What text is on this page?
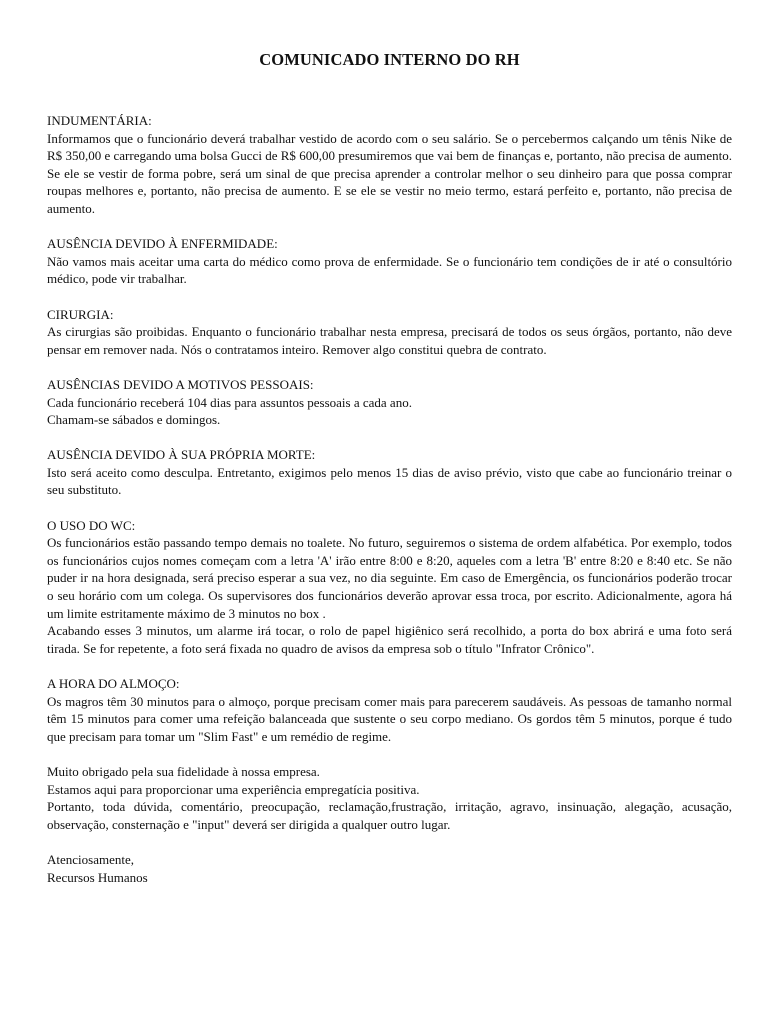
COMUNICADO INTERNO DO RH
INDUMENTÁRIA:
Informamos que o funcionário deverá trabalhar vestido de acordo com o seu salário. Se o percebermos calçando um tênis Nike de R$ 350,00 e carregando uma bolsa Gucci de R$ 600,00 presumiremos que vai bem de finanças e, portanto, não precisa de aumento. Se ele se vestir de forma pobre, será um sinal de que precisa aprender a controlar melhor o seu dinheiro para que possa comprar roupas melhores e, portanto, não precisa de aumento. E se ele se vestir no meio termo, estará perfeito e, portanto, não precisa de aumento.
AUSÊNCIA DEVIDO À ENFERMIDADE:
Não vamos mais aceitar uma carta do médico como prova de enfermidade. Se o funcionário tem condições de ir até o consultório médico, pode vir trabalhar.
CIRURGIA:
As cirurgias são proibidas. Enquanto o funcionário trabalhar nesta empresa, precisará de todos os seus órgãos, portanto, não deve pensar em remover nada. Nós o contratamos inteiro. Remover algo constitui quebra de contrato.
AUSÊNCIAS DEVIDO A MOTIVOS PESSOAIS:
Cada funcionário receberá 104 dias para assuntos pessoais a cada ano.
Chamam-se sábados e domingos.
AUSÊNCIA DEVIDO À SUA PRÓPRIA MORTE:
Isto será aceito como desculpa. Entretanto, exigimos pelo menos 15 dias de aviso prévio, visto que cabe ao funcionário treinar o seu substituto.
O USO DO WC:
Os funcionários estão passando tempo demais no toalete. No futuro, seguiremos o sistema de ordem alfabética. Por exemplo, todos os funcionários cujos nomes começam com a letra 'A' irão entre 8:00 e 8:20, aqueles com a letra 'B' entre 8:20 e 8:40 etc. Se não puder ir na hora designada, será preciso esperar a sua vez, no dia seguinte. Em caso de Emergência, os funcionários poderão trocar o seu horário com um colega. Os supervisores dos funcionários deverão aprovar essa troca, por escrito. Adicionalmente, agora há um limite estritamente máximo de 3 minutos no box .
Acabando esses 3 minutos, um alarme irá tocar, o rolo de papel higiênico será recolhido, a porta do box abrirá e uma foto será tirada. Se for repetente, a foto será fixada no quadro de avisos da empresa sob o título "Infrator Crônico".
A HORA DO ALMOÇO:
Os magros têm 30 minutos para o almoço, porque precisam comer mais para parecerem saudáveis. As pessoas de tamanho normal têm 15 minutos para comer uma refeição balanceada que sustente o seu corpo mediano. Os gordos têm 5 minutos, porque é tudo que precisam para tomar um "Slim Fast" e um remédio de regime.
Muito obrigado pela sua fidelidade à nossa empresa.
Estamos aqui para proporcionar uma experiência empregatícia positiva.
Portanto, toda dúvida, comentário, preocupação, reclamação,frustração, irritação, agravo, insinuação, alegação, acusação, observação, consternação e "input" deverá ser dirigida a qualquer outro lugar.
Atenciosamente,
Recursos Humanos
